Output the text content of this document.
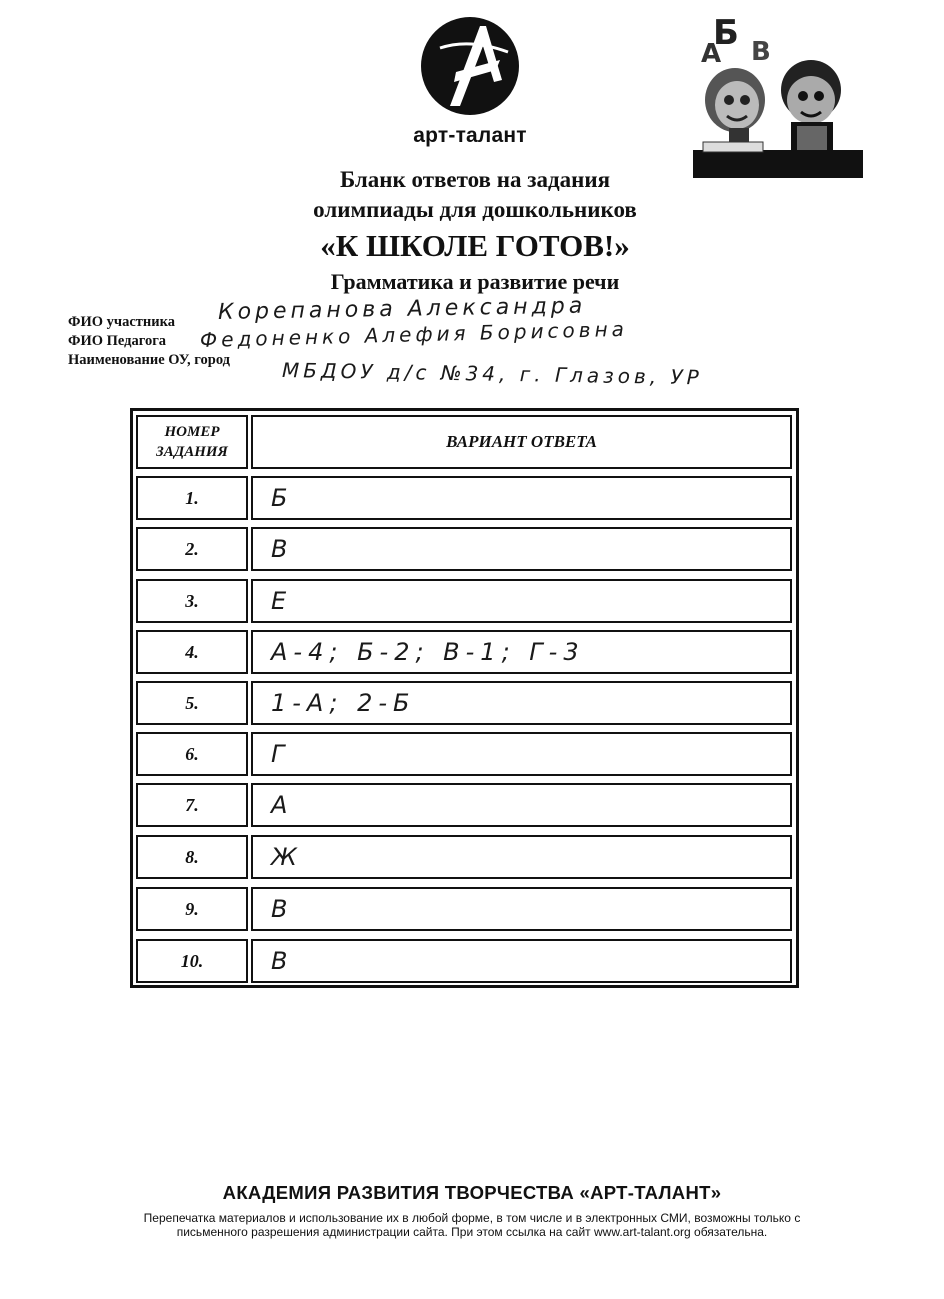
арт-талант
Б
А В
Бланк ответов на задания
олимпиады для дошкольников
«К ШКОЛЕ ГОТОВ!»
Грамматика и развитие речи
ФИО участника Корепанова Александра
ФИО Педагога Федоненко Алефия Борисовна
Наименование ОУ, город	МБДОУ д/с №34, г. Глазов, УР
НОМЕР ЗАДАНИЯ
ВАРИАНТ ОТВЕТА
1.	Б
2.	В
3.	Е
4.	А-4; Б-2; В-1; Г-3
5.	1-А; 2-Б
6.	Г
7.	А
8.	Ж
9.	В
10.	В
АКАДЕМИЯ РАЗВИТИЯ ТВОРЧЕСТВА «АРТ-ТАЛАНТ»
Перепечатка материалов и использование их в любой форме, в том числе и в электронных СМИ, возможны только с
письменного разрешения администрации сайта. При этом ссылка на сайт www.art-talant.org обязательна.
